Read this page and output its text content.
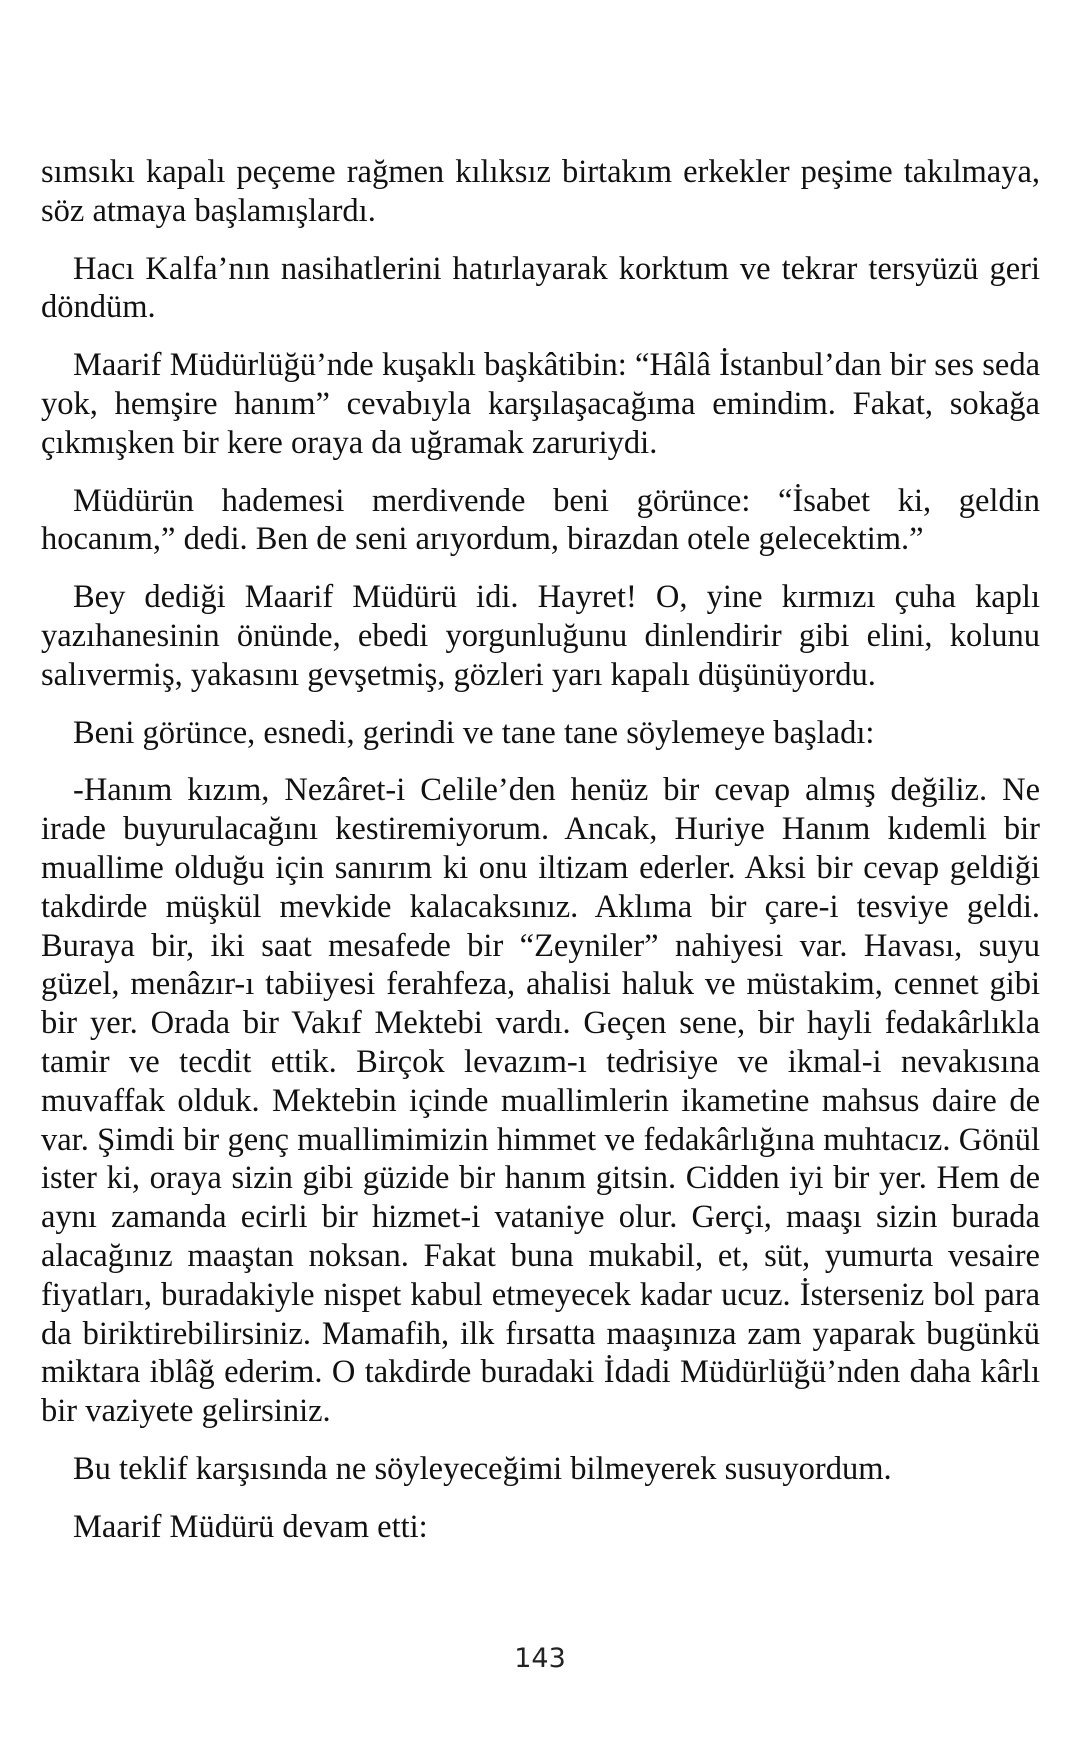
sımsıkı kapalı peçeme rağmen kılıksız birtakım erkekler peşime takılmaya, söz atmaya başlamışlardı.

Hacı Kalfa’nın nasihatlerini hatırlayarak korktum ve tekrar tersyüzü geri döndüm.

Maarif Müdürlüğü’nde kuşaklı başkâtibin: “Hâlâ İstanbul’dan bir ses seda yok, hemşire hanım” cevabıyla karşılaşacağıma emindim. Fakat, sokağa çıkmışken bir kere oraya da uğramak zaruriydi.

Müdürün hademesi merdivende beni görünce: “İsabet ki, geldin hocanım,” dedi. Ben de seni arıyordum, birazdan otele gelecektim.”

Bey dediği Maarif Müdürü idi. Hayret! O, yine kırmızı çuha kaplı yazıhanesinin önünde, ebedi yorgunluğunu dinlendirir gibi elini, kolunu salıvermiş, yakasını gevşetmiş, gözleri yarı kapalı düşünüyordu.

Beni görünce, esnedi, gerindi ve tane tane söylemeye başladı:

-Hanım kızım, Nezâret-i Celile’den henüz bir cevap almış değiliz. Ne irade buyurulacağını kestiremiyorum. Ancak, Huriye Hanım kıdemli bir muallime olduğu için sanırım ki onu iltizam ederler. Aksi bir cevap geldiği takdirde müşkül mevkide kalacaksınız. Aklıma bir çare-i tesviye geldi. Buraya bir, iki saat mesafede bir “Zeyniler” nahiyesi var. Havası, suyu güzel, menâzır-ı tabiiyesi ferahfeza, ahalisi haluk ve müstakim, cennet gibi bir yer. Orada bir Vakıf Mektebi vardı. Geçen sene, bir hayli fedakârlıkla tamir ve tecdit ettik. Birçok levazım-ı tedrisiye ve ikmal-i nevakısına muvaffak olduk. Mektebin içinde muallimlerin ikametine mahsus daire de var. Şimdi bir genç muallimimizin himmet ve fedakârlığına muhtacız. Gönül ister ki, oraya sizin gibi güzide bir hanım gitsin. Cidden iyi bir yer. Hem de aynı zamanda ecirli bir hizmet-i vataniye olur. Gerçi, maaşı sizin burada alacağınız maaştan noksan. Fakat buna mukabil, et, süt, yumurta vesaire fiyatları, buradakiyle nispet kabul etmeyecek kadar ucuz. İsterseniz bol para da biriktirebilirsiniz. Mamafih, ilk fırsatta maaşınıza zam yaparak bugünkü miktara iblâğ ederim. O takdirde buradaki İdadi Müdürlüğü’nden daha kârlı bir vaziyete gelirsiniz.

Bu teklif karşısında ne söyleyeceğimi bilmeyerek susuyordum.

Maarif Müdürü devam etti:

143
